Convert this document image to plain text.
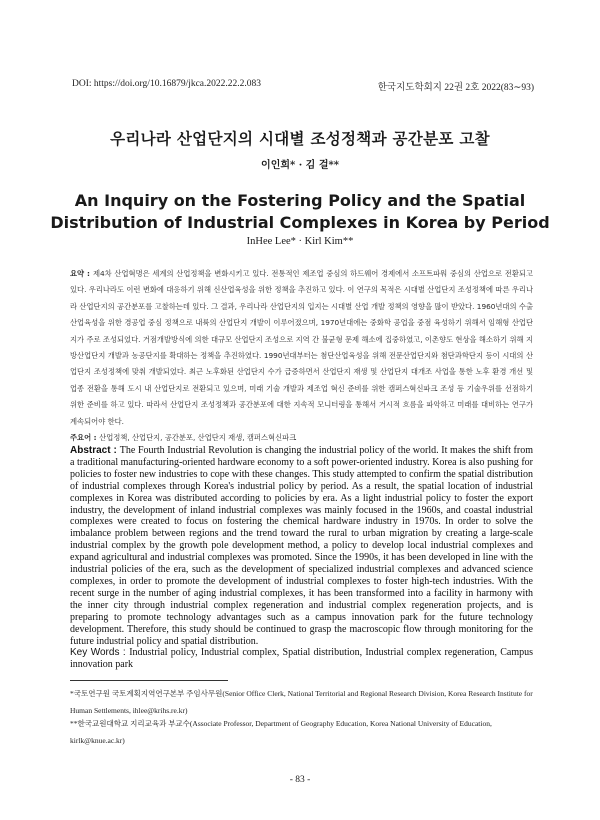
DOI: https://doi.org/10.16879/jkca.2022.22.2.083	한국지도학회지 22권 2호 2022(83∼93)
우리나라 산업단지의 시대별 조성정책과 공간분포 고찰
이인희* · 김 걸**
An Inquiry on the Fostering Policy and the Spatial Distribution of Industrial Complexes in Korea by Period
InHee Lee* · Kirl Kim**
요약 : 제4차 산업혁명은 세계의 산업정책을 변화시키고 있다. 전통적인 제조업 중심의 하드웨어 경제에서 소프트파워 중심의 산업으로 전환되고 있다. 우리나라도 이런 변화에 대응하기 위해 신산업육성을 위한 정책을 추진하고 있다. 이 연구의 목적은 시대별 산업단지 조성정책에 따른 우리나라 산업단지의 공간분포를 고찰하는데 있다. 그 결과, 우리나라 산업단지의 입지는 시대별 산업 개발 정책의 영향을 많이 받았다. 1960년대의 수출산업육성을 위한 경공업 중심 정책으로 내륙의 산업단지 개발이 이루어졌으며, 1970년대에는 중화학 공업을 중점 육성하기 위해서 임해형 산업단지가 주로 조성되었다. 거점개발방식에 의한 대규모 산업단지 조성으로 지역 간 불균형 문제 해소에 집중하였고, 이촌향도 현상을 해소하기 위해 지방산업단지 개발과 농공단지를 확대하는 정책을 추진하였다. 1990년대부터는 첨단산업육성을 위해 전문산업단지와 첨단과학단지 등이 시대의 산업단지 조성정책에 맞춰 개발되었다. 최근 노후화된 산업단지 수가 급증하면서 산업단지 재생 및 산업단지 대개조 사업을 통한 노후 환경 개선 및 업종 전환을 통해 도시 내 산업단지로 전환되고 있으며, 미래 기술 개발과 제조업 혁신 준비를 위한 캠퍼스혁신파크 조성 등 기술우위를 선점하기 위한 준비를 하고 있다. 따라서 산업단지 조성정책과 공간분포에 대한 지속적 모니터링을 통해서 거시적 흐름을 파악하고 미래를 대비하는 연구가 계속되어야 한다.
주요어 : 산업정책, 산업단지, 공간분포, 산업단지 재생, 캠퍼스혁신파크
Abstract : The Fourth Industrial Revolution is changing the industrial policy of the world. It makes the shift from a traditional manufacturing-oriented hardware economy to a soft power-oriented industry. Korea is also pushing for policies to foster new industries to cope with these changes. This study attempted to confirm the spatial distribution of industrial complexes through Korea's industrial policy by period. As a result, the spatial location of industrial complexes in Korea was distributed according to policies by era. As a light industrial policy to foster the export industry, the development of inland industrial complexes was mainly focused in the 1960s, and coastal industrial complexes were created to focus on fostering the chemical hardware industry in 1970s. In order to solve the imbalance problem between regions and the trend toward the rural to urban migration by creating a large-scale industrial complex by the growth pole development method, a policy to develop local industrial complexes and expand agricultural and industrial complexes was promoted. Since the 1990s, it has been developed in line with the industrial policies of the era, such as the development of specialized industrial complexes and advanced science complexes, in order to promote the development of industrial complexes to foster high-tech industries. With the recent surge in the number of aging industrial complexes, it has been transformed into a facility in harmony with the inner city through industrial complex regeneration and industrial complex regeneration projects, and is preparing to promote technology advantages such as a campus innovation park for the future technology development. Therefore, this study should be continued to grasp the macroscopic flow through monitoring for the future industrial policy and spatial distribution.
Key Words : Industrial policy, Industrial complex, Spatial distribution, Industrial complex regeneration, Campus innovation park
*국토연구원 국토계획지역연구본부 주임사무원(Senior Office Clerk, National Territorial and Regional Research Division, Korea Research Institute for Human Settlements, ihlee@krihs.re.kr)
**한국교원대학교 지리교육과 부교수(Associate Professor, Department of Geography Education, Korea National University of Education, kirlk@knue.ac.kr)
- 83 -
